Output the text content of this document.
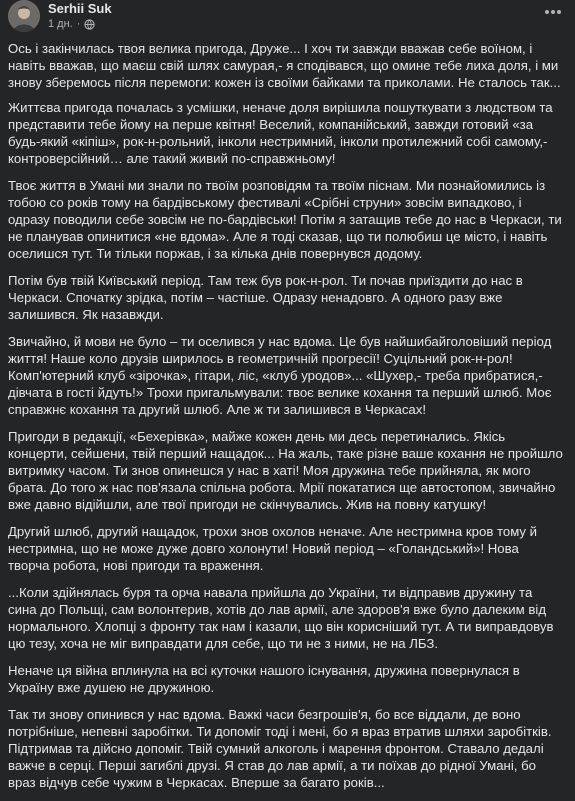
Serhii Suk
1 дн. ·

Ось і закінчилась твоя велика пригода, Друже... І хоч ти завжди вважав себе воїном, і навіть вважав, що маєш свій шлях самурая,- я сподівався, що омине тебе лиха доля, і ми знову зберемось після перемоги: кожен із своїми байками та приколами. Не сталось так...

Життєва пригода почалась з усмішки, неначе доля вирішила пошуткувати з людством та представити тебе йому на перше квітня! Веселий, компанійський, завжди готовий «за будь-який «кіпіш», рок-н-рольний, інколи нестримний, інколи протилежний собі самому,- контроверсійний… але такий живий по-справжньому!

Твоє життя в Умані ми знали по твоїм розповідям та твоїм піснам. Ми познайомились із тобою со років тому на бардівському фестивалі «Срібні струни» зовсім випадково, і одразу поводили себе зовсім не по-бардівськи! Потім я затащив тебе до нас в Черкаси, ти не планував опинитися «не вдома». Але я тоді сказав, що ти полюбиш це місто, і навіть оселишся тут. Ти тільки поржав, і за кілька днів повернувся додому.

Потім був твій Київський період. Там теж був рок-н-рол. Ти почав приїздити до нас в Черкаси. Спочатку зрідка, потім – частіше. Одразу ненадовго. А одного разу вже залишився. Як назавжди.

Звичайно, й мови не було – ти оселився у нас вдома. Це був найшибайголовіший період життя! Наше коло друзів ширилось в геометричній прогресії! Суцільний рок-н-рол! Комп'ютерний клуб «зірочка», гітари, ліс, «клуб уродов»... «Шухер,- треба прибратися,- дівчата в гості йдуть!» Трохи пригальмували: твоє велике кохання та перший шлюб. Моє справжнє кохання та другий шлюб. Але ж ти залишився в Черкасах!

Пригоди в редакції, «Бехерівка», майже кожен день ми десь перетинались. Якісь концерти, сейшени, твій перший нащадок... На жаль, таке різне ваше кохання не пройшло витримку часом. Ти знов опинешся у нас в хаті! Моя дружина тебе прийняла, як мого брата. До того ж нас пов'язала спільна робота. Мрії покататися ще автостопом, звичайно вже давно відійшли, але твої пригоди не скінчувались. Жив на повну катушку!

Другий шлюб, другий нащадок, трохи знов охолов неначе. Але нестримна кров тому й нестримна, що не може дуже довго холонути! Новий період – «Голандський»! Нова творча робота, нові пригоди та враження.

...Коли здійнялась буря та орча навала прийшла до України, ти відправив дружину та сина до Польщі, сам волонтерив, хотів до лав армії, але здоров'я вже було далеким від нормального. Хлопці з фронту так нам і казали, що він корисніший тут. А ти виправдовув цю тезу, хоча не міг виправдати для себе, що ти не з ними, не на ЛБЗ.

Неначе ця війна вплинула на всі куточки нашого існування, дружина повернулася в Україну вже душею не дружиною.

Так ти знову опинився у нас вдома. Важкі часи безгрошів'я, бо все віддали, де воно потрібніше, непевні заробітки. Ти допоміг тоді і мені, бо я враз втратив шляхи заробітків. Підтримав та дійсно допоміг. Твій сумний алкоголь і марення фронтом. Ставало дедалі важче в серці. Перші загиблі друзі. Я став до лав армії, а ти поїхав до рідної Умані, бо враз відчув себе чужим в Черкасах. Вперше за багато років...
